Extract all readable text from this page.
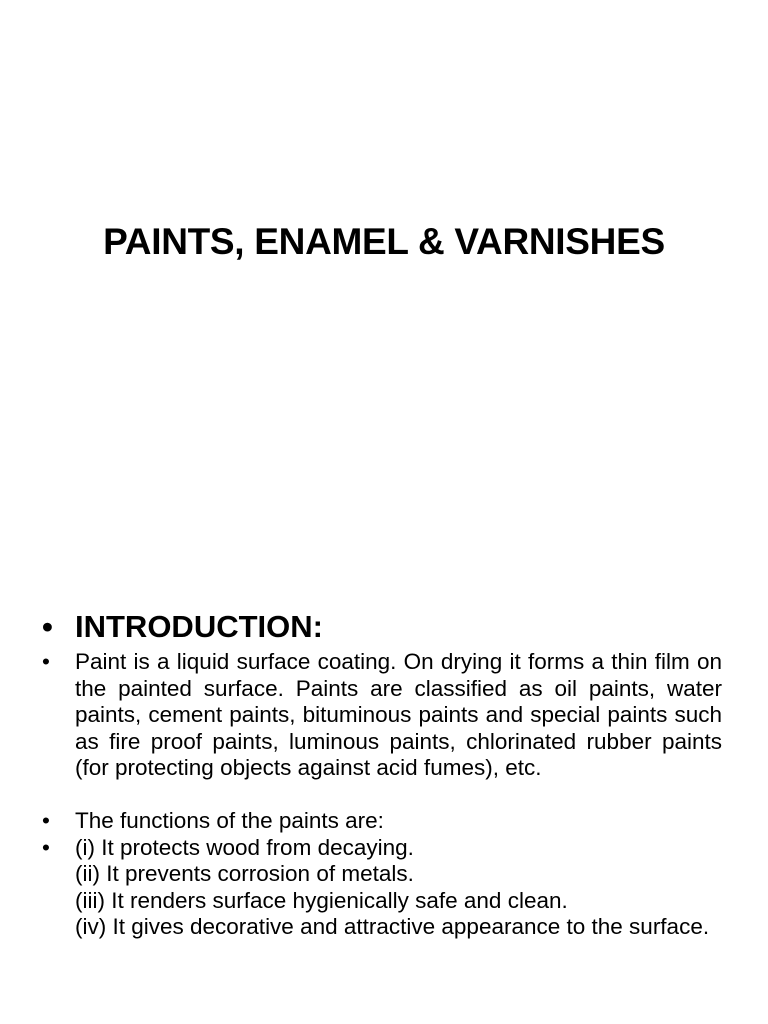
PAINTS, ENAMEL & VARNISHES

• INTRODUCTION:

• Paint is a liquid surface coating. On drying it forms a thin film on the painted surface. Paints are classified as oil paints, water paints, cement paints, bituminous paints and special paints such as fire proof paints, luminous paints, chlorinated rubber paints (for protecting objects against acid fumes), etc.

• The functions of the paints are:

• (i) It protects wood from decaying.
(ii) It prevents corrosion of metals.
(iii) It renders surface hygienically safe and clean.
(iv) It gives decorative and attractive appearance to the surface.
